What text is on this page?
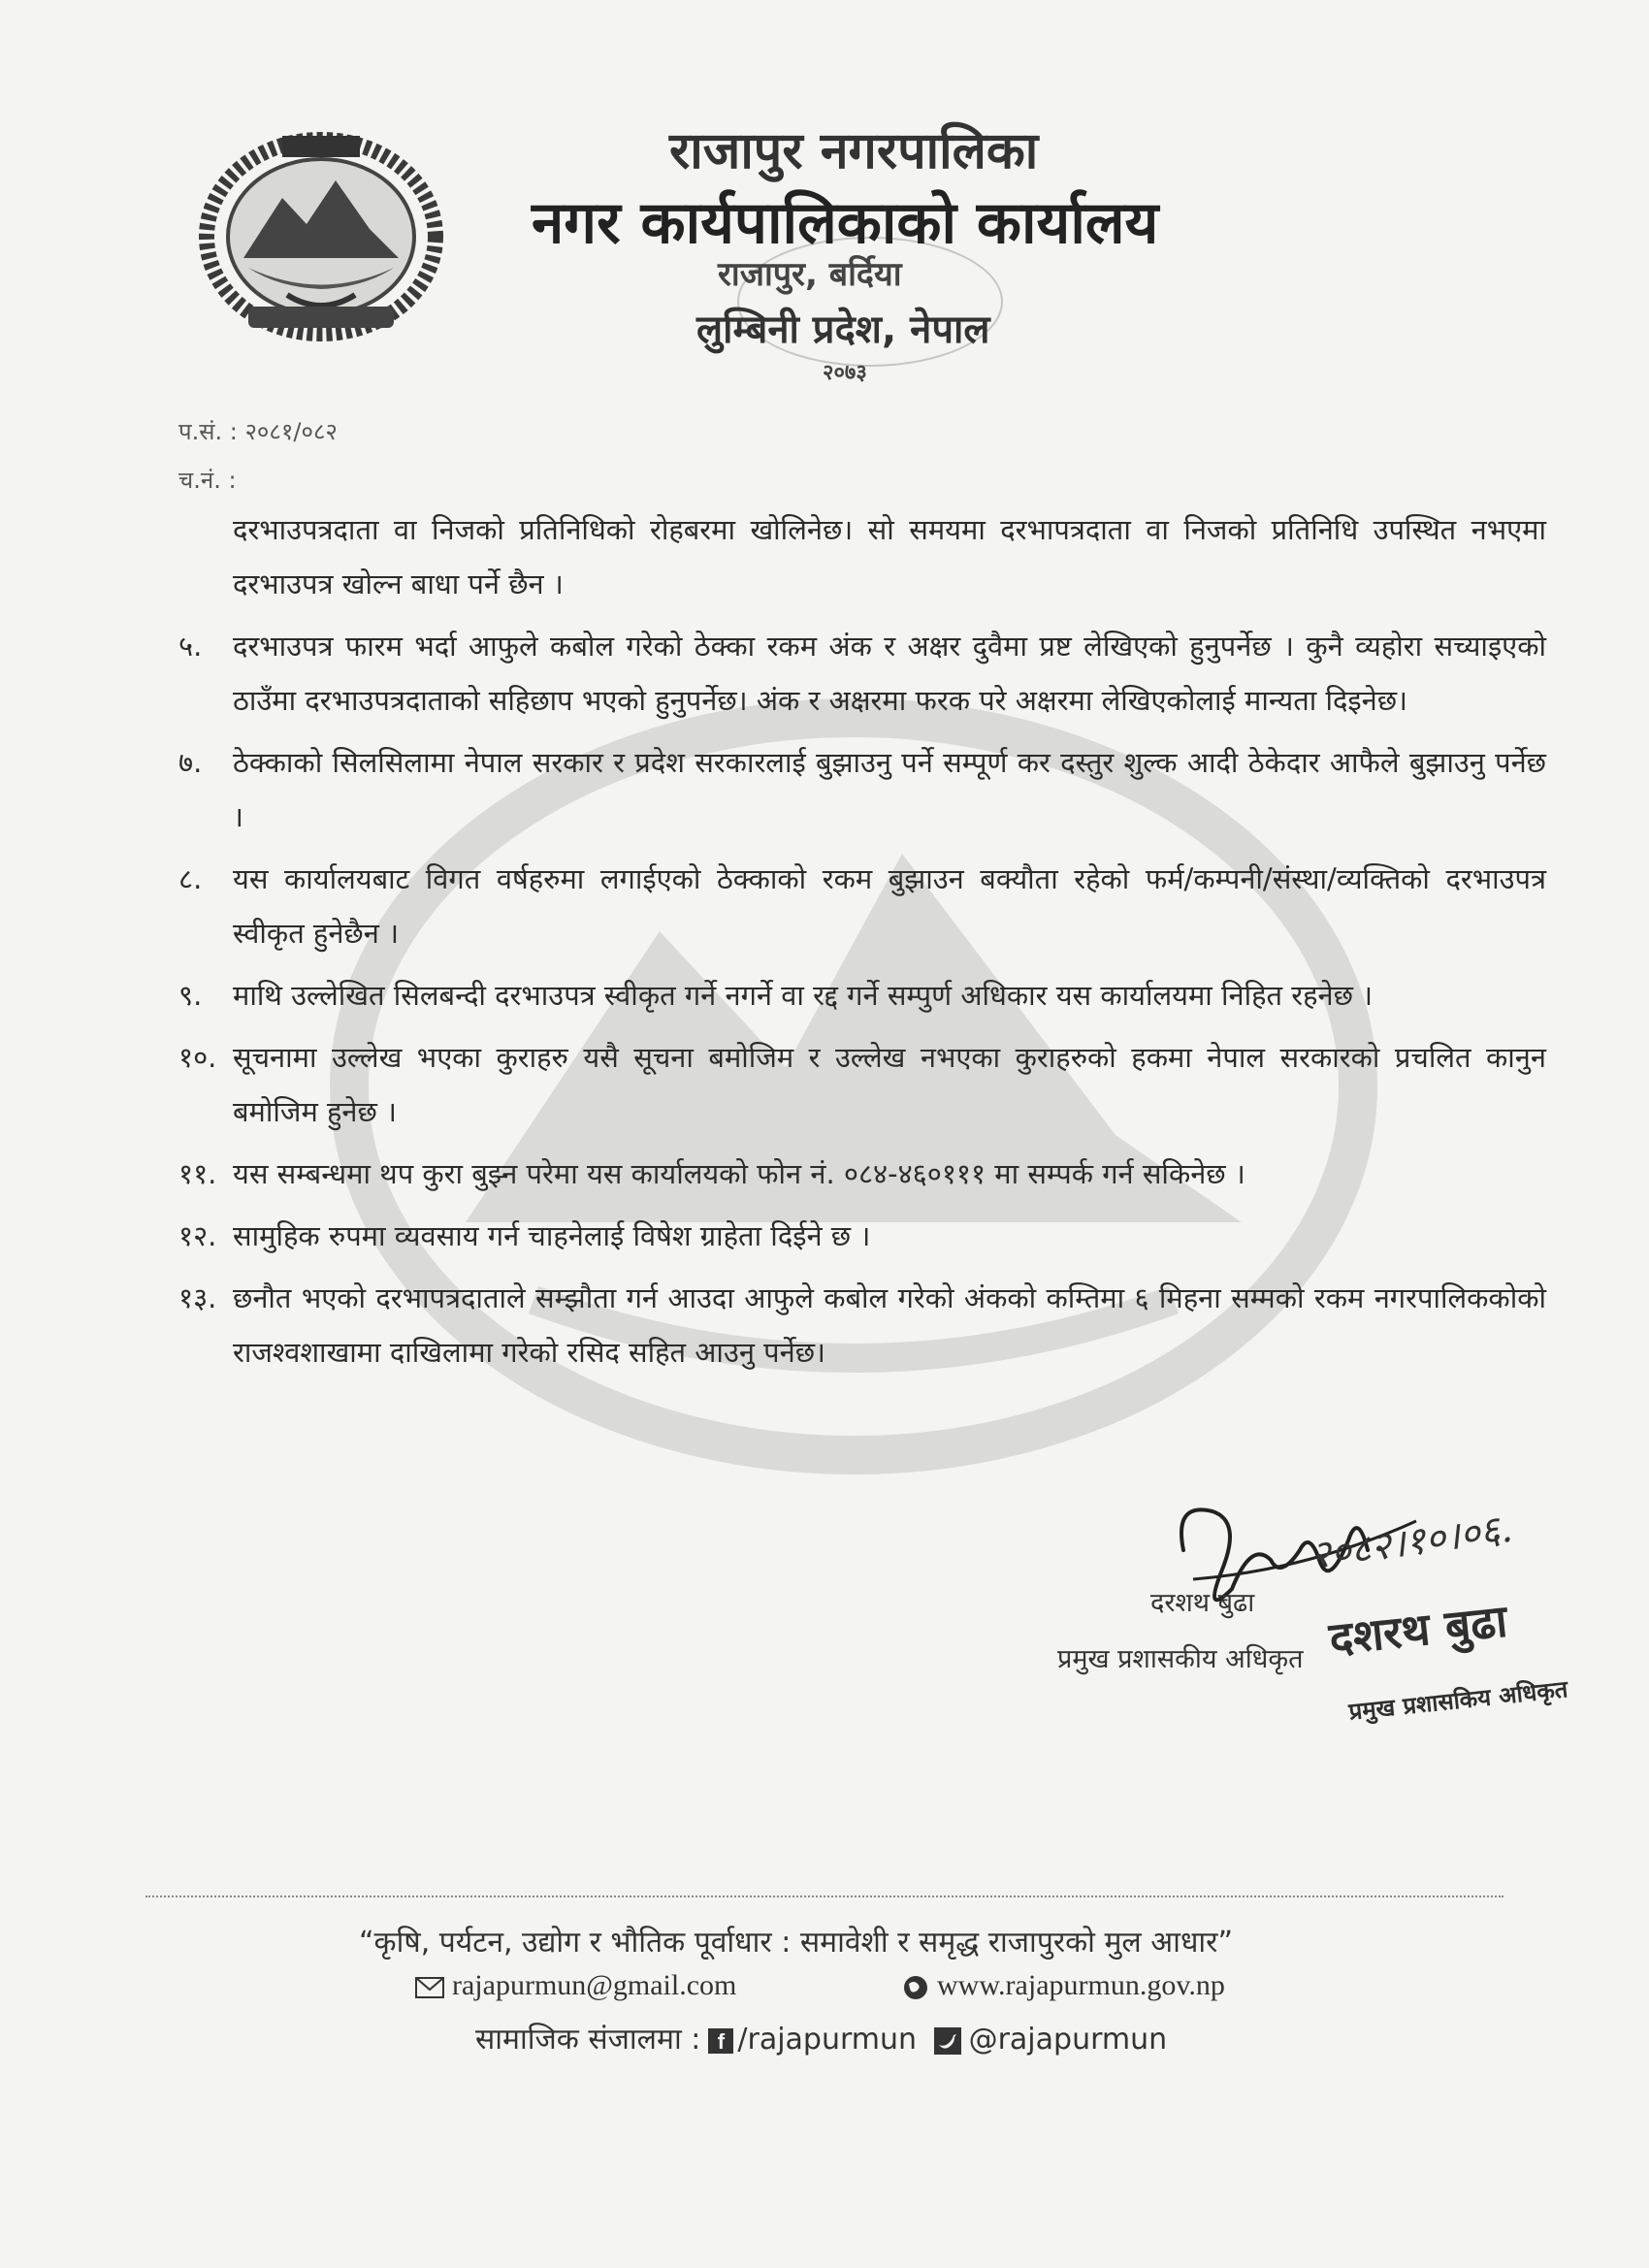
राजापुर नगरपालिका
नगर कार्यपालिकाको कार्यालय
राजापुर, बर्दिया
लुम्बिनी प्रदेश, नेपाल
२०७३
प.सं. : २०८१/०८२
च.नं. :
दरभाउपत्रदाता वा निजको प्रतिनिधिको रोहबरमा खोलिनेछ। सो समयमा दरभापत्रदाता वा निजको प्रतिनिधि उपस्थित नभएमा दरभाउपत्र खोल्न बाधा पर्ने छैन ।
५. दरभाउपत्र फारम भर्दा आफुले कबोल गरेको ठेक्का रकम अंक र अक्षर दुवैमा प्रष्ट लेखिएको हुनुपर्नेछ । कुनै व्यहोरा सच्याइएको ठाउँमा दरभाउपत्रदाताको सहिछाप भएको हुनुपर्नेछ। अंक र अक्षरमा फरक परे अक्षरमा लेखिएकोलाई मान्यता दिइनेछ।
७. ठेक्काको सिलसिलामा नेपाल सरकार र प्रदेश सरकारलाई बुझाउनु पर्ने सम्पूर्ण कर दस्तुर शुल्क आदी ठेकेदार आफैले बुझाउनु पर्नेछ ।
८. यस कार्यालयबाट विगत वर्षहरुमा लगाईएको ठेक्काको रकम बुझाउन बक्यौता रहेको फर्म/कम्पनी/संस्था/व्यक्तिको दरभाउपत्र स्वीकृत हुनेछैन ।
९. माथि उल्लेखित सिलबन्दी दरभाउपत्र स्वीकृत गर्ने नगर्ने वा रद्द गर्ने सम्पुर्ण अधिकार यस कार्यालयमा निहित रहनेछ ।
१०. सूचनामा उल्लेख भएका कुराहरु यसै सूचना बमोजिम र उल्लेख नभएका कुराहरुको हकमा नेपाल सरकारको प्रचलित कानुन बमोजिम हुनेछ ।
११. यस सम्बन्धमा थप कुरा बुझ्न परेमा यस कार्यालयको फोन नं. ०८४-४६०१११ मा सम्पर्क गर्न सकिनेछ ।
१२. सामुहिक रुपमा व्यवसाय गर्न चाहनेलाई विषेश ग्राहेता दिईने छ ।
१३. छनौत भएको दरभापत्रदाताले सम्झौता गर्न आउदा आफुले कबोल गरेको अंकको कम्तिमा ६ मिहना सम्मको रकम नगरपालिककोको राजश्वशाखामा दाखिलामा गरेको रसिद सहित आउनु पर्नेछ।
२०८२।१०।०६.
दरशथ बुढा
प्रमुख प्रशासकीय अधिकृत दशरथ बुढा
प्रमुख प्रशासकिय अधिकृत
“कृषि, पर्यटन, उद्योग र भौतिक पूर्वाधार : समावेशी र समृद्ध राजापुरको मुल आधार”
rajapurmun@gmail.com	www.rajapurmun.gov.np
सामाजिक संजालमा : f /rajapurmun @rajapurmun
